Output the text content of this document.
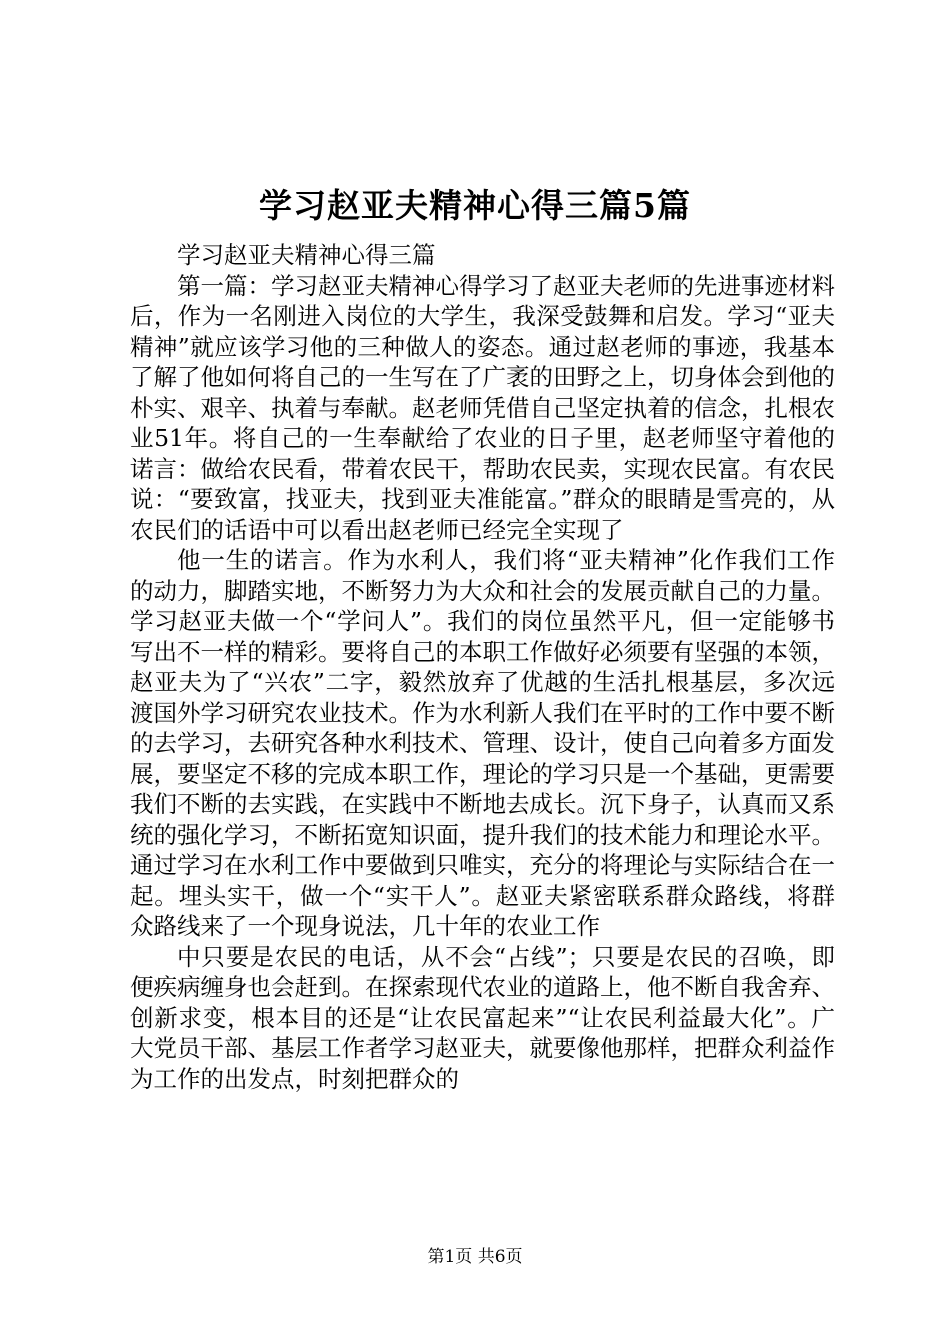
学习赵亚夫精神心得三篇5篇

学习赵亚夫精神心得三篇

第一篇：学习赵亚夫精神心得学习了赵亚夫老师的先进事迹材料后，作为一名刚进入岗位的大学生，我深受鼓舞和启发。学习“亚夫精神”就应该学习他的三种做人的姿态。通过赵老师的事迹，我基本了解了他如何将自己的一生写在了广袤的田野之上，切身体会到他的朴实、艰辛、执着与奉献。赵老师凭借自己坚定执着的信念，扎根农业51年。将自己的一生奉献给了农业的日子里，赵老师坚守着他的诺言：做给农民看，带着农民干，帮助农民卖，实现农民富。有农民说：“要致富，找亚夫，找到亚夫准能富。”群众的眼睛是雪亮的，从农民们的话语中可以看出赵老师已经完全实现了

他一生的诺言。作为水利人，我们将“亚夫精神”化作我们工作的动力，脚踏实地，不断努力为大众和社会的发展贡献自己的力量。学习赵亚夫做一个“学问人”。我们的岗位虽然平凡，但一定能够书写出不一样的精彩。要将自己的本职工作做好必须要有坚强的本领，赵亚夫为了“兴农”二字，毅然放弃了优越的生活扎根基层，多次远渡国外学习研究农业技术。作为水利新人我们在平时的工作中要不断的去学习，去研究各种水利技术、管理、设计，使自己向着多方面发展，要坚定不移的完成本职工作，理论的学习只是一个基础，更需要我们不断的去实践，在实践中不断地去成长。沉下身子，认真而又系统的强化学习，不断拓宽知识面，提升我们的技术能力和理论水平。通过学习在水利工作中要做到只唯实，充分的将理论与实际结合在一起。埋头实干，做一个“实干人”。赵亚夫紧密联系群众路线，将群众路线来了一个现身说法，几十年的农业工作

中只要是农民的电话，从不会“占线”；只要是农民的召唤，即便疾病缠身也会赶到。在探索现代农业的道路上，他不断自我舍弃、创新求变，根本目的还是“让农民富起来”“让农民利益最大化”。广大党员干部、基层工作者学习赵亚夫，就要像他那样，把群众利益作为工作的出发点，时刻把群众的

第1页 共6页
